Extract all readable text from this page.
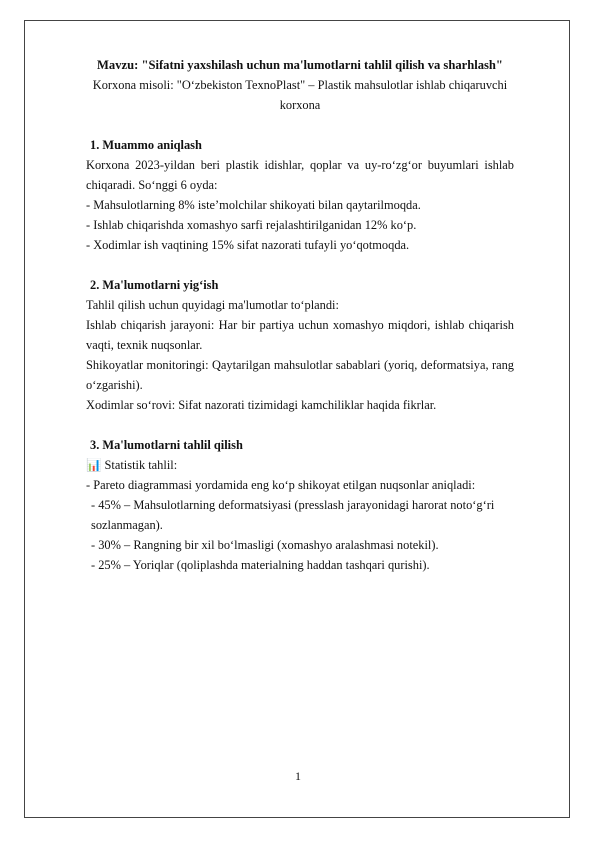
Mavzu: "Sifatni yaxshilash uchun ma'lumotlarni tahlil qilish va sharhlash"

Korxona misoli: "O‘zbekiston TexnoPlast" – Plastik mahsulotlar ishlab chiqaruvchi korxona

1. Muammo aniqlash

Korxona 2023-yildan beri plastik idishlar, qoplar va uy-ro‘zg‘or buyumlari ishlab chiqaradi. So‘nggi 6 oyda:

- Mahsulotlarning 8% iste’molchilar shikoyati bilan qaytarilmoqda.

- Ishlab chiqarishda xomashyo sarfi rejalashtirilganidan 12% ko‘p.

- Xodimlar ish vaqtining 15% sifat nazorati tufayli yo‘qotmoqda.

2. Ma'lumotlarni yig‘ish

Tahlil qilish uchun quyidagi ma'lumotlar to‘plandi:

Ishlab chiqarish jarayoni: Har bir partiya uchun xomashyo miqdori, ishlab chiqarish vaqti, texnik nuqsonlar.

Shikoyatlar monitoringi: Qaytarilgan mahsulotlar sabablari (yoriq, deformatsiya, rang o‘zgarishi).

Xodimlar so‘rovi: Sifat nazorati tizimidagi kamchiliklar haqida fikrlar.

3. Ma'lumotlarni tahlil qilish

📊 Statistik tahlil:

- Pareto diagrammasi yordamida eng ko‘p shikoyat etilgan nuqsonlar aniqladi:

- 45% – Mahsulotlarning deformatsiyasi (presslash jarayonidagi harorat noto‘g‘ri sozlanmagan).

- 30% – Rangning bir xil bo‘lmasligi (xomashyo aralashmasi notekil).

- 25% – Yoriqlar (qoliplashda materialning haddan tashqari qurishi).

1
